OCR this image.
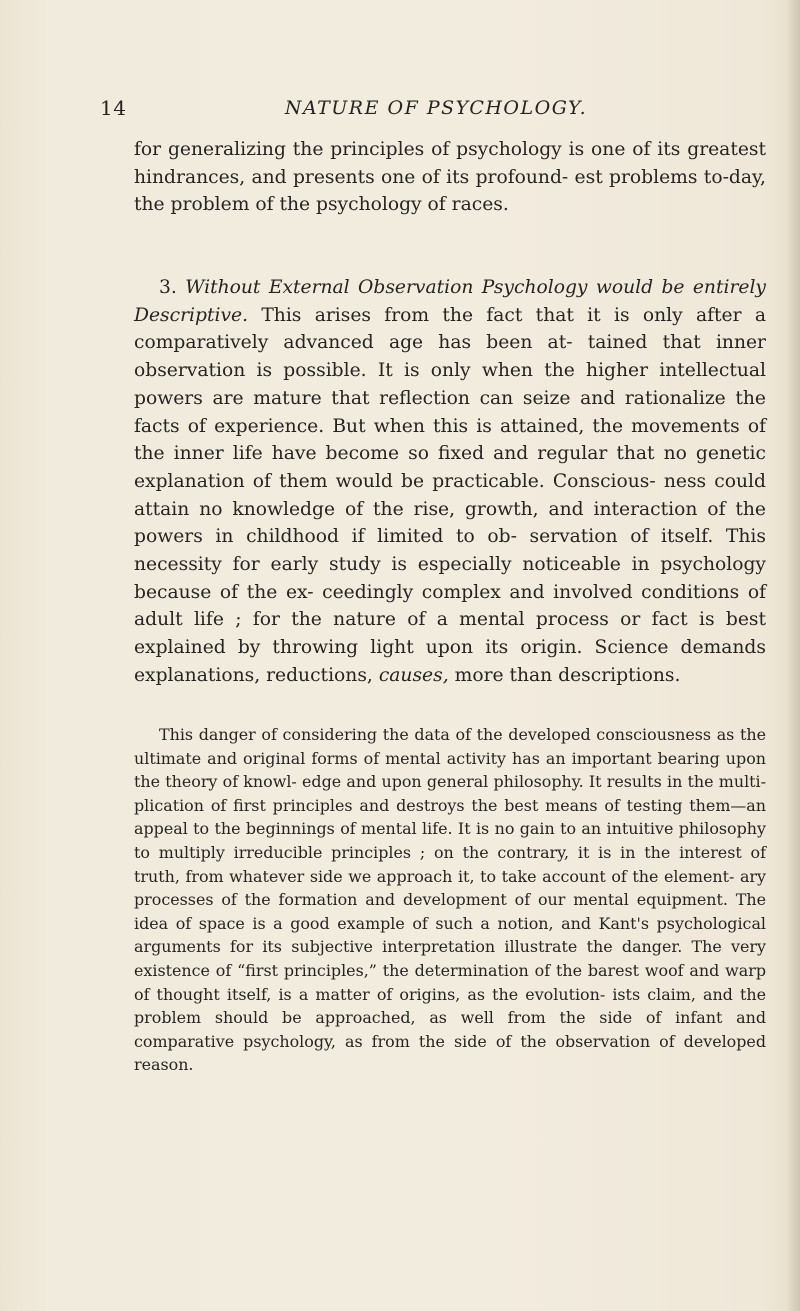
14	NATURE OF PSYCHOLOGY.

for generalizing the principles of psychology is one of its greatest hindrances, and presents one of its profound- est problems to-day, the problem of the psychology of races.

3. Without External Observation Psychology would be entirely Descriptive. This arises from the fact that it is only after a comparatively advanced age has been at- tained that inner observation is possible. It is only when the higher intellectual powers are mature that reflection can seize and rationalize the facts of experience. But when this is attained, the movements of the inner life have become so fixed and regular that no genetic explanation of them would be practicable. Conscious- ness could attain no knowledge of the rise, growth, and interaction of the powers in childhood if limited to ob- servation of itself. This necessity for early study is especially noticeable in psychology because of the ex- ceedingly complex and involved conditions of adult life ; for the nature of a mental process or fact is best explained by throwing light upon its origin. Science demands explanations, reductions, causes, more than descriptions.

This danger of considering the data of the developed consciousness as the ultimate and original forms of mental activity has an important bearing upon the theory of knowl- edge and upon general philosophy. It results in the multi- plication of first principles and destroys the best means of testing them—an appeal to the beginnings of mental life. It is no gain to an intuitive philosophy to multiply irreducible principles ; on the contrary, it is in the interest of truth, from whatever side we approach it, to take account of the element- ary processes of the formation and development of our mental equipment. The idea of space is a good example of such a notion, and Kant's psychological arguments for its subjective interpretation illustrate the danger. The very existence of “first principles,” the determination of the barest woof and warp of thought itself, is a matter of origins, as the evolution- ists claim, and the problem should be approached, as well from the side of infant and comparative psychology, as from the side of the observation of developed reason.
